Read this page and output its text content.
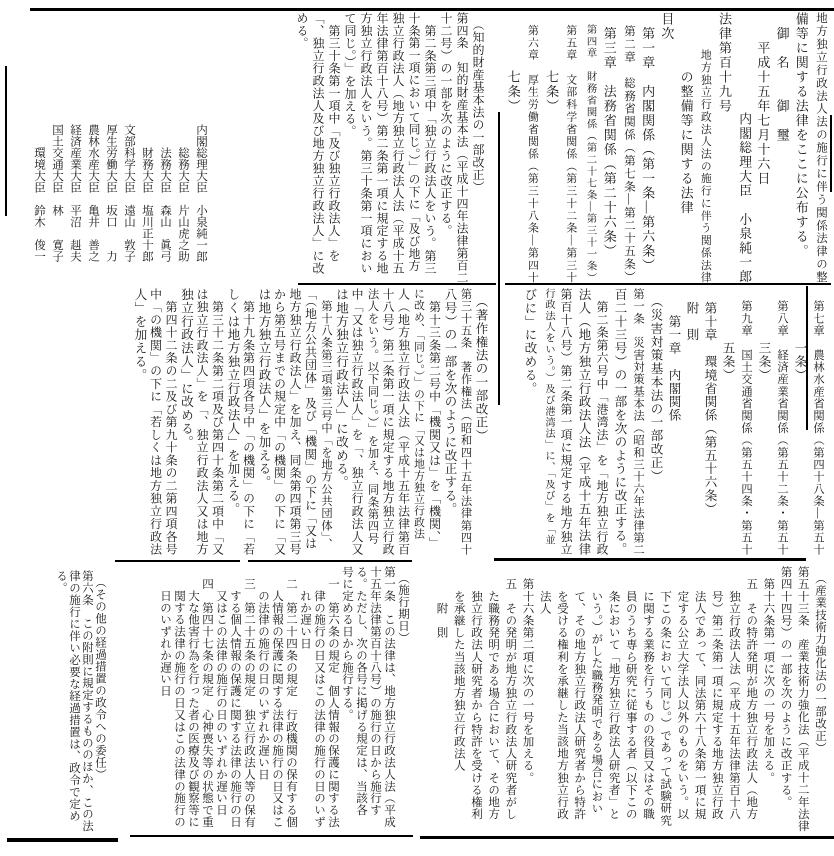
地方独立行政法人法の施行に伴う関係法律の整
備等に関する法律をここに公布する。
　御　名　　御　璽
　　平成十五年七月十六日
　　　　　　　内閣総理大臣　小泉純一郎
法律第百十九号
　　　地方独立行政法人法の施行に伴う関係法律
　　　　の整備等に関する法律
目次
　第一章　内閣関係（第一条―第六条）
　第二章　総務省関係（第七条―第二十五条）
　第三章　法務省関係（第二十六条）
　第四章　財務省関係（第二十七条―第三十一条）
　第五章　文部科学省関係（第三十二条―第三十
　　　　七条）
　第六章　厚生労働省関係（第三十八条―第四十
　　　　七条）
　（知的財産基本法の一部改正）
第四条　知的財産基本法（平成十四年法律第百二
十二号）の一部を次のように改正する。
　第二条第三項中「独立行政法人をいう。第三
十条第一項において同じ。）」の下に「及び地方
独立行政法人（地方独立行政法人法（平成十五
年法律第百十八号）第二条第一項に規定する地
方独立行政法人をいう。第三十条第一項におい
て同じ。）」を加える。
　第三十条第一項中「及び独立行政法人」を
「、独立行政法人及び地方独立行政法人」に改
める。
内閣総理大臣　小泉純一郎
　　総務大臣　片山虎之助
　　法務大臣　森山　眞弓
　　財務大臣　塩川正十郎
文部科学大臣　遠山　敦子
厚生労働大臣　坂口　　力
農林水産大臣　亀井　善之
経済産業大臣　平沼　赳夫
国土交通大臣　林　　寛子
　　環境大臣　鈴木　俊一
　第七章　農林水産省関係（第四十八条―第五十
　　　　一条）
　第八章　経済産業省関係（第五十二条・第五十
　　　　三条）
　第九章　国土交通省関係（第五十四条・第五十
　　　　五条）
　第十章　環境省関係（第五十六条）
　附　則
　　第一章　内閣関係
　（災害対策基本法の一部改正）
第一条　災害対策基本法（昭和三十六年法律第二
百二十三号）の一部を次のように改正する。
　第二条第六号中「港湾法」を「地方独立行政
法人（地方独立行政法人法（平成十五年法律
第百十八号）第二条第一項に規定する地方独立
行政法人をいう。）及び港湾法」に、「及び」を「並
びに」に改める。
　（著作権法の一部改正）
第三十五条　著作権法（昭和四十五年法律第四十
八号）の一部を次のように改正する。
　第十三条第二号中「機関又は」を「機関、」
に改め、「同じ。）」の下に「又は地方独立行政法
人（地方独立行政法人法（平成十五年法律第百
十八号）第二条第一項に規定する地方独立行政
法人をいう。以下同じ。）」を加え、同条第四号
中「又は独立行政法人」を「、独立行政法人又
は地方独立行政法人」に改める。
　第十八条第三項第三号中「を地方公共団体」、
「（地方公共団体」及び「機関」の下に「又は
地方独立行政法人」を加え、同条第四項第三号
から第五号までの規定中「の機関」の下に「又
は地方独立行政法人」を加える。
　第十九条第四項各号中「の機関」の下に「若
しくは地方独立行政法人」を加える。
　第三十二条第二項及び第四十条第二項中「又
は独立行政法人」を「、独立行政法人又は地方
独立行政法人」に改める。
　第四十二条の二及び第九十条の二第四項各号
中「の機関」の下に「若しくは地方独立行政法
人」を加える。
　（産業技術力強化法の一部改正）
第五十三条　産業技術力強化法（平成十二年法律
第四十四号）の一部を次のように改正する。
　第十六条第一項に次の一号を加える。
　五　その特許発明が地方独立行政法人（地方
　　独立行政法人法（平成十五年法律第百十八
　　号）第二条第一項に規定する地方独立行政
　　法人であって、同法第六十八条第一項に規
　　定する公立大学法人以外のものをいう。以
　　下この条において同じ。）であって試験研究
　　に関する業務を行うものの役員又はその職
　　員のうち専ら研究に従事する者（以下この
　　条において「地方独立行政法人研究者」と
　　いう。）がした職務発明である場合におい
　　て、その地方独立行政法人研究者から特許
　　を受ける権利を承継した当該地方独立行政
　　法人
　第十六条第二項に次の一号を加える。
　五　その発明が地方独立行政法人研究者がし
　　た職務発明である場合において、その地方
　　独立行政法人研究者から特許を受ける権利
　　を承継した当該地方独立行政法人
　　　附　則
　（施行期日）
第一条　この法律は、地方独立行政法人法（平成
十五年法律第百十八号）の施行の日から施行す
る。ただし、次の各号に掲げる規定は、当該各
号に定める日から施行する。
　一　第六条の規定　個人情報の保護に関する法
　　律の施行の日又はこの法律の施行の日のいず
　　れか遅い日
　二　第二十四条の規定　行政機関の保有する個
　　人情報の保護に関する法律の施行の日又はこ
　　の法律の施行の日のいずれか遅い日
　三　第二十五条の規定　独立行政法人等の保有
　　する個人情報の保護に関する法律の施行の日
　　又はこの法律の施行の日のいずれか遅い日
　四　第四十七条の規定　心神喪失等の状態で重
　　大な他害行為を行った者の医療及び観察等に
　　関する法律の施行の日又はこの法律の施行の
　　日のいずれか遅い日
　（その他の経過措置の政令への委任）
第六条　この附則に規定するもののほか、この法
律の施行に伴い必要な経過措置は、政令で定め
る。
